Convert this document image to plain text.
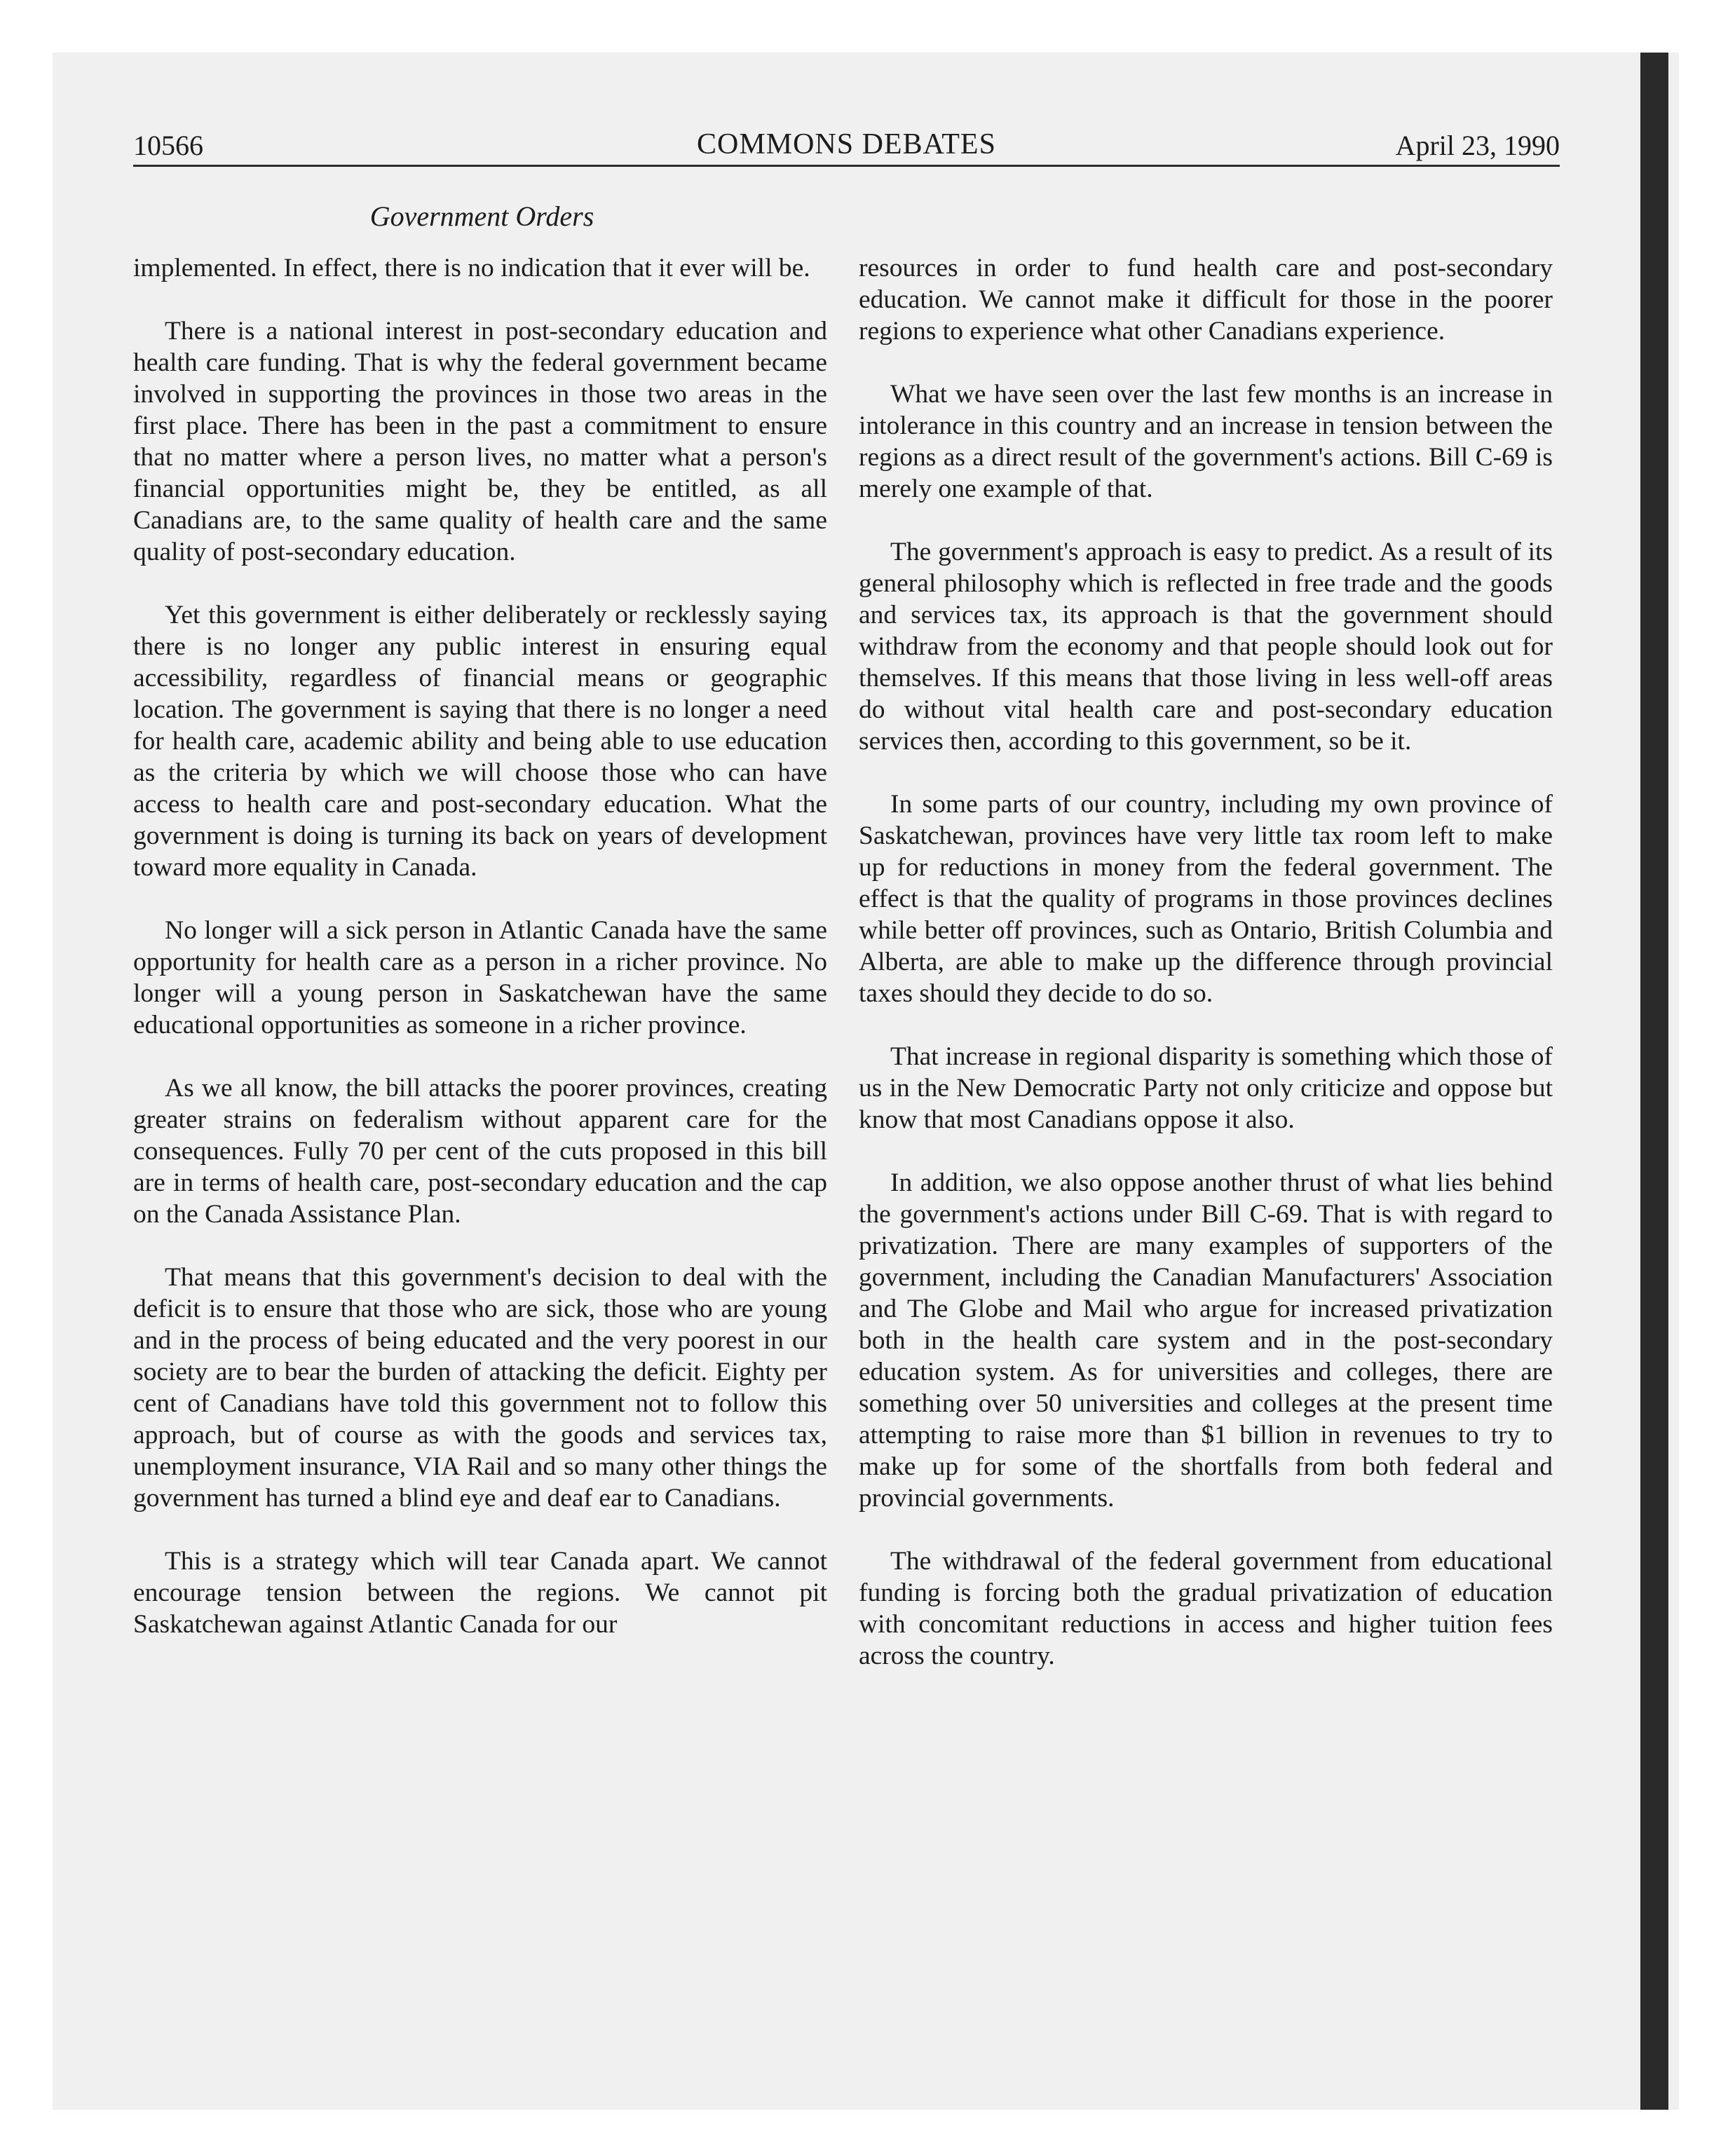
10566	COMMONS DEBATES	April 23, 1990
Government Orders

implemented. In effect, there is no indication that it ever will be.

There is a national interest in post-secondary education and health care funding. That is why the federal government became involved in supporting the provinces in those two areas in the first place. There has been in the past a commitment to ensure that no matter where a person lives, no matter what a person's financial opportunities might be, they be entitled, as all Canadians are, to the same quality of health care and the same quality of post-secondary education.

Yet this government is either deliberately or recklessly saying there is no longer any public interest in ensuring equal accessibility, regardless of financial means or geographic location. The government is saying that there is no longer a need for health care, academic ability and being able to use education as the criteria by which we will choose those who can have access to health care and post-secondary education. What the government is doing is turning its back on years of development toward more equality in Canada.

No longer will a sick person in Atlantic Canada have the same opportunity for health care as a person in a richer province. No longer will a young person in Saskatchewan have the same educational opportunities as someone in a richer province.

As we all know, the bill attacks the poorer provinces, creating greater strains on federalism without apparent care for the consequences. Fully 70 per cent of the cuts proposed in this bill are in terms of health care, post-secondary education and the cap on the Canada Assistance Plan.

That means that this government's decision to deal with the deficit is to ensure that those who are sick, those who are young and in the process of being educated and the very poorest in our society are to bear the burden of attacking the deficit. Eighty per cent of Canadians have told this government not to follow this approach, but of course as with the goods and services tax, unemployment insurance, VIA Rail and so many other things the government has turned a blind eye and deaf ear to Canadians.

This is a strategy which will tear Canada apart. We cannot encourage tension between the regions. We cannot pit Saskatchewan against Atlantic Canada for our

resources in order to fund health care and post-secondary education. We cannot make it difficult for those in the poorer regions to experience what other Canadians experience.

What we have seen over the last few months is an increase in intolerance in this country and an increase in tension between the regions as a direct result of the government's actions. Bill C-69 is merely one example of that.

The government's approach is easy to predict. As a result of its general philosophy which is reflected in free trade and the goods and services tax, its approach is that the government should withdraw from the economy and that people should look out for themselves. If this means that those living in less well-off areas do without vital health care and post-secondary education services then, according to this government, so be it.

In some parts of our country, including my own province of Saskatchewan, provinces have very little tax room left to make up for reductions in money from the federal government. The effect is that the quality of programs in those provinces declines while better off provinces, such as Ontario, British Columbia and Alberta, are able to make up the difference through provincial taxes should they decide to do so.

That increase in regional disparity is something which those of us in the New Democratic Party not only criticize and oppose but know that most Canadians oppose it also.

In addition, we also oppose another thrust of what lies behind the government's actions under Bill C-69. That is with regard to privatization. There are many examples of supporters of the government, including the Canadian Manufacturers' Association and The Globe and Mail who argue for increased privatization both in the health care system and in the post-secondary education system. As for universities and colleges, there are something over 50 universities and colleges at the present time attempting to raise more than $1 billion in revenues to try to make up for some of the shortfalls from both federal and provincial governments.

The withdrawal of the federal government from educational funding is forcing both the gradual privatization of education with concomitant reductions in access and higher tuition fees across the country.
